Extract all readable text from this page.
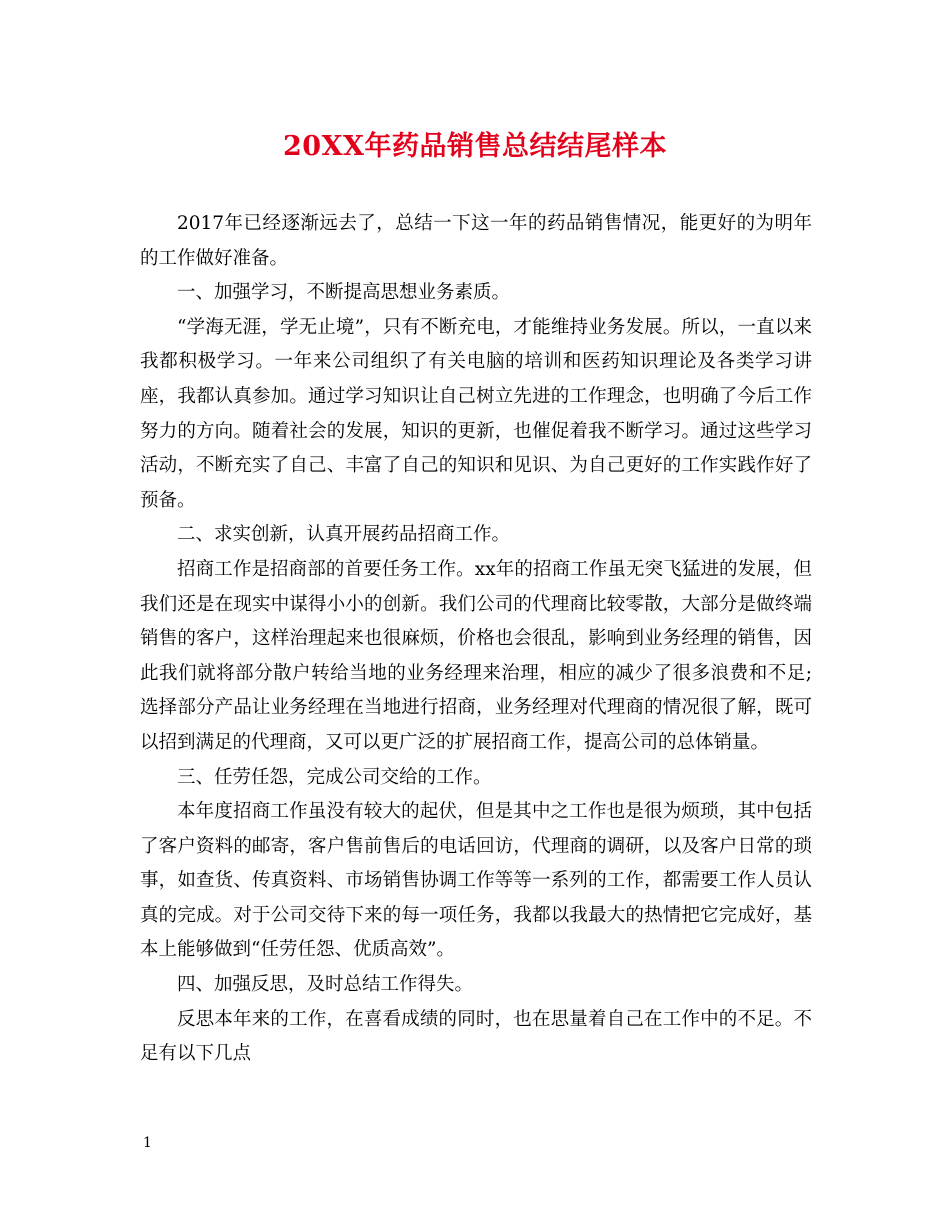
20XX年药品销售总结结尾样本

2017年已经逐渐远去了，总结一下这一年的药品销售情况，能更好的为明年的工作做好准备。

一、加强学习，不断提高思想业务素质。

“学海无涯，学无止境”，只有不断充电，才能维持业务发展。所以，一直以来我都积极学习。一年来公司组织了有关电脑的培训和医药知识理论及各类学习讲座，我都认真参加。通过学习知识让自己树立先进的工作理念，也明确了今后工作努力的方向。随着社会的发展，知识的更新，也催促着我不断学习。通过这些学习活动，不断充实了自己、丰富了自己的知识和见识、为自己更好的工作实践作好了预备。

二、求实创新，认真开展药品招商工作。

招商工作是招商部的首要任务工作。xx年的招商工作虽无突飞猛进的发展，但我们还是在现实中谋得小小的创新。我们公司的代理商比较零散，大部分是做终端销售的客户，这样治理起来也很麻烦，价格也会很乱，影响到业务经理的销售，因此我们就将部分散户转给当地的业务经理来治理，相应的减少了很多浪费和不足;选择部分产品让业务经理在当地进行招商，业务经理对代理商的情况很了解，既可以招到满足的代理商，又可以更广泛的扩展招商工作，提高公司的总体销量。

三、任劳任怨，完成公司交给的工作。

本年度招商工作虽没有较大的起伏，但是其中之工作也是很为烦琐，其中包括了客户资料的邮寄，客户售前售后的电话回访，代理商的调研，以及客户日常的琐事，如查货、传真资料、市场销售协调工作等等一系列的工作，都需要工作人员认真的完成。对于公司交待下来的每一项任务，我都以我最大的热情把它完成好，基本上能够做到“任劳任怨、优质高效”。

四、加强反思，及时总结工作得失。

反思本年来的工作，在喜看成绩的同时，也在思量着自己在工作中的不足。不足有以下几点

1
